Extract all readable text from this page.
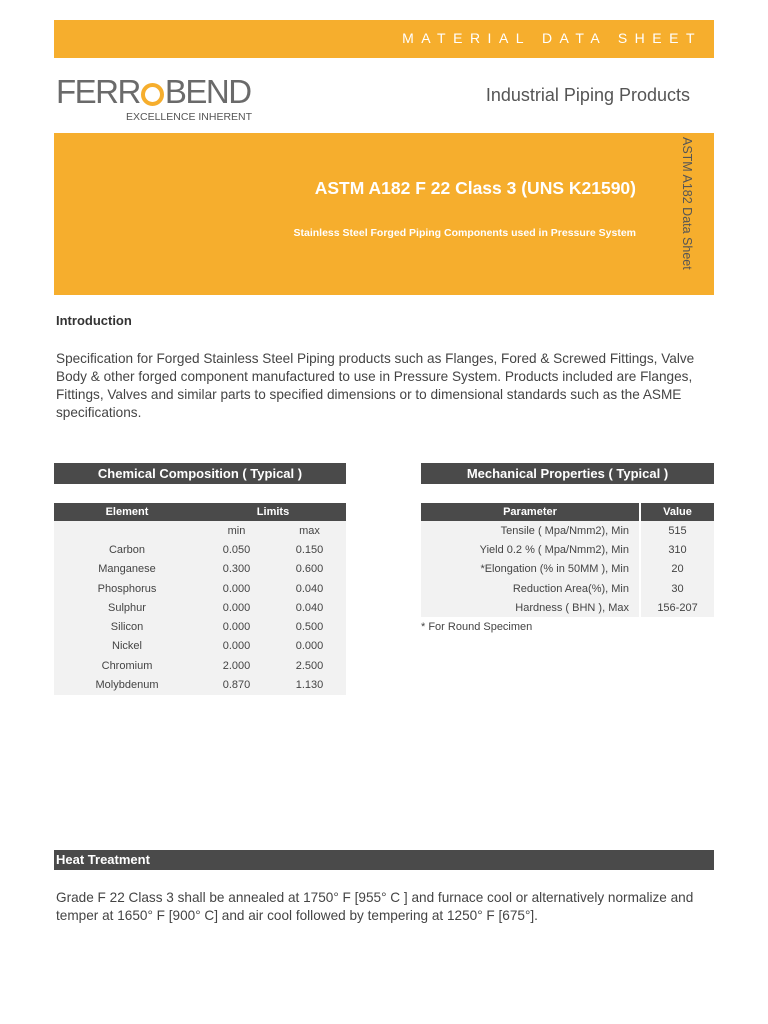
MATERIAL DATA SHEET
FERR BEND
EXCELLENCE INHERENT
Industrial Piping Products
ASTM A182 F 22 Class 3 (UNS K21590)
Stainless Steel Forged Piping Components used in Pressure System	ASTM A182 Data Sheet
Introduction
Specification for Forged Stainless Steel Piping products such as Flanges, Fored & Screwed Fittings, Valve Body & other forged component manufactured to use in Pressure System. Products included are Flanges, Fittings, Valves and similar parts to specified dimensions or to dimensional standards such as the ASME specifications.
Chemical Composition ( Typical )
Element	Limits	
	min	max
Carbon	0.050	0.150
Manganese	0.300	0.600
Phosphorus	0.000	0.040
Sulphur	0.000	0.040
Silicon	0.000	0.500
Nickel	0.000	0.000
Chromium	2.000	2.500
Molybdenum	0.870	1.130
Mechanical Properties ( Typical )
Parameter	Value
Tensile ( Mpa/Nmm2), Min	515
Yield 0.2 % ( Mpa/Nmm2), Min	310
*Elongation (% in 50MM ), Min	20
Reduction Area(%), Min	30
Hardness ( BHN ), Max	156-207
* For Round Specimen
Heat Treatment
Grade F 22 Class 3 shall be annealed at 1750° F [955° C ] and furnace cool or alternatively normalize and temper at 1650° F [900° C] and air cool followed by tempering at 1250° F [675°].
